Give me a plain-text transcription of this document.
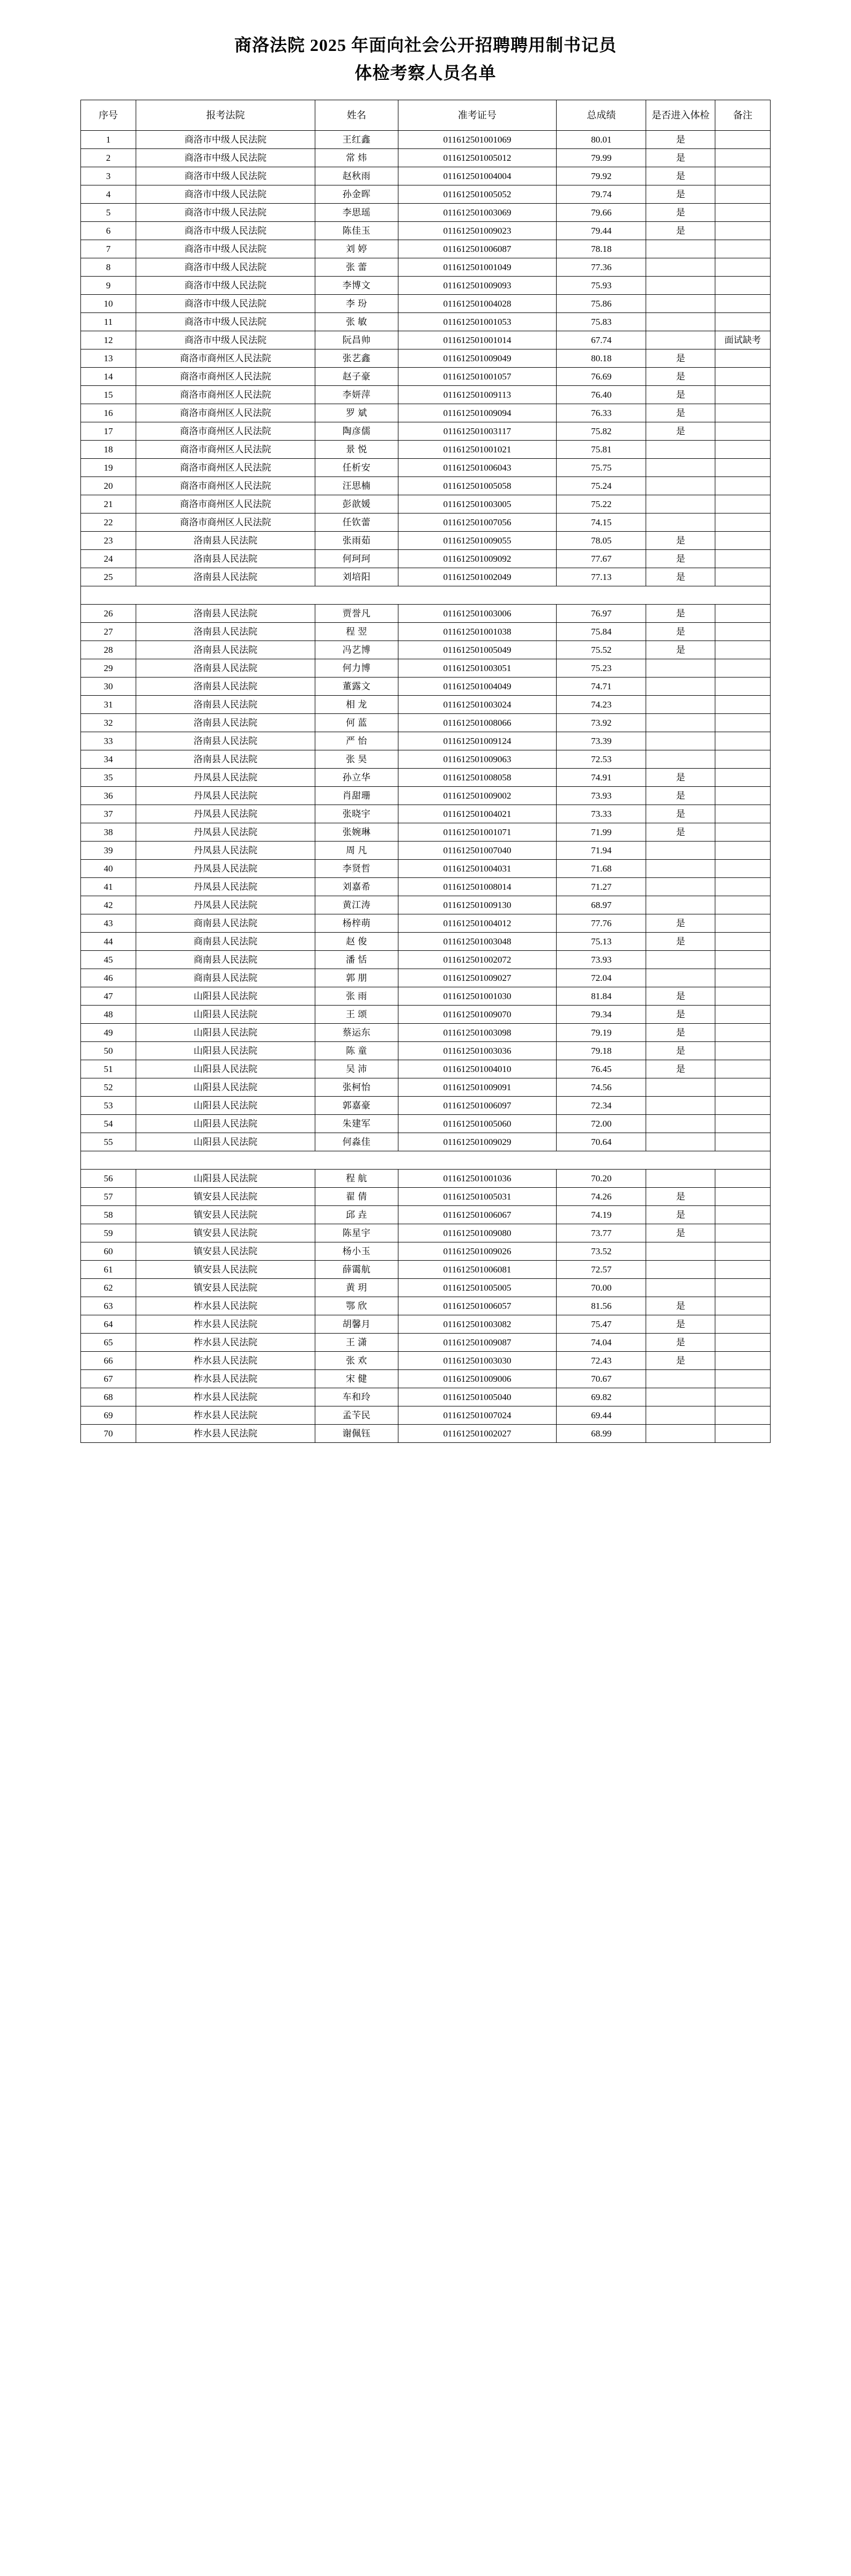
商洛法院 2025 年面向社会公开招聘聘用制书记员
体检考察人员名单
序号	报考法院	姓名	准考证号	总成绩	是否进入体检	备注
1	商洛市中级人民法院	王红鑫	011612501001069	80.01	是	
2	商洛市中级人民法院	常 炜	011612501005012	79.99	是	
3	商洛市中级人民法院	赵秋雨	011612501004004	79.92	是	
4	商洛市中级人民法院	孙金晖	011612501005052	79.74	是	
5	商洛市中级人民法院	李思瑶	011612501003069	79.66	是	
6	商洛市中级人民法院	陈佳玉	011612501009023	79.44	是	
7	商洛市中级人民法院	刘 婷	011612501006087	78.18		
8	商洛市中级人民法院	张 蕾	011612501001049	77.36		
9	商洛市中级人民法院	李博文	011612501009093	75.93		
10	商洛市中级人民法院	李 玢	011612501004028	75.86		
11	商洛市中级人民法院	张 敏	011612501001053	75.83		
12	商洛市中级人民法院	阮昌帅	011612501001014	67.74		面试缺考
13	商洛市商州区人民法院	张艺鑫	011612501009049	80.18	是	
14	商洛市商州区人民法院	赵子豪	011612501001057	76.69	是	
15	商洛市商州区人民法院	李妍萍	011612501009113	76.40	是	
16	商洛市商州区人民法院	罗 斌	011612501009094	76.33	是	
17	商洛市商州区人民法院	陶彦儒	011612501003117	75.82	是	
18	商洛市商州区人民法院	景 悦	011612501001021	75.81		
19	商洛市商州区人民法院	任析安	011612501006043	75.75		
20	商洛市商州区人民法院	汪思楠	011612501005058	75.24		
21	商洛市商州区人民法院	彭歆媛	011612501003005	75.22		
22	商洛市商州区人民法院	任钦蕾	011612501007056	74.15		
23	洛南县人民法院	张雨茹	011612501009055	78.05	是	
24	洛南县人民法院	何珂珂	011612501009092	77.67	是	
25	洛南县人民法院	刘培阳	011612501002049	77.13	是	

26	洛南县人民法院	贾誉凡	011612501003006	76.97	是	
27	洛南县人民法院	程 翌	011612501001038	75.84	是	
28	洛南县人民法院	冯艺博	011612501005049	75.52	是	
29	洛南县人民法院	何力博	011612501003051	75.23		
30	洛南县人民法院	董露文	011612501004049	74.71		
31	洛南县人民法院	相 龙	011612501003024	74.23		
32	洛南县人民法院	何 蓝	011612501008066	73.92		
33	洛南县人民法院	严 怡	011612501009124	73.39		
34	洛南县人民法院	张 昊	011612501009063	72.53		
35	丹凤县人民法院	孙立华	011612501008058	74.91	是	
36	丹凤县人民法院	肖甜珊	011612501009002	73.93	是	
37	丹凤县人民法院	张晓宇	011612501004021	73.33	是	
38	丹凤县人民法院	张婉琳	011612501001071	71.99	是	
39	丹凤县人民法院	周 凡	011612501007040	71.94		
40	丹凤县人民法院	李贤哲	011612501004031	71.68		
41	丹凤县人民法院	刘嘉希	011612501008014	71.27		
42	丹凤县人民法院	黄江涛	011612501009130	68.97		
43	商南县人民法院	杨梓萌	011612501004012	77.76	是	
44	商南县人民法院	赵 俊	011612501003048	75.13	是	
45	商南县人民法院	潘 恬	011612501002072	73.93		
46	商南县人民法院	郭 朋	011612501009027	72.04		
47	山阳县人民法院	张 雨	011612501001030	81.84	是	
48	山阳县人民法院	王 颂	011612501009070	79.34	是	
49	山阳县人民法院	蔡运东	011612501003098	79.19	是	
50	山阳县人民法院	陈 童	011612501003036	79.18	是	
51	山阳县人民法院	吴 沛	011612501004010	76.45	是	
52	山阳县人民法院	张柯怡	011612501009091	74.56		
53	山阳县人民法院	郭嘉豪	011612501006097	72.34		
54	山阳县人民法院	朱建军	011612501005060	72.00		
55	山阳县人民法院	何淼佳	011612501009029	70.64		

56	山阳县人民法院	程 航	011612501001036	70.20		
57	镇安县人民法院	翟 倩	011612501005031	74.26	是	
58	镇安县人民法院	邱 垚	011612501006067	74.19	是	
59	镇安县人民法院	陈星宇	011612501009080	73.77	是	
60	镇安县人民法院	杨小玉	011612501009026	73.52		
61	镇安县人民法院	薛霭航	011612501006081	72.57		
62	镇安县人民法院	黄 玥	011612501005005	70.00		
63	柞水县人民法院	鄂 欣	011612501006057	81.56	是	
64	柞水县人民法院	胡馨月	011612501003082	75.47	是	
65	柞水县人民法院	王 潇	011612501009087	74.04	是	
66	柞水县人民法院	张 欢	011612501003030	72.43	是	
67	柞水县人民法院	宋 健	011612501009006	70.67		
68	柞水县人民法院	车和玲	011612501005040	69.82		
69	柞水县人民法院	孟苄民	011612501007024	69.44		
70	柞水县人民法院	谢佩钰	011612501002027	68.99		
